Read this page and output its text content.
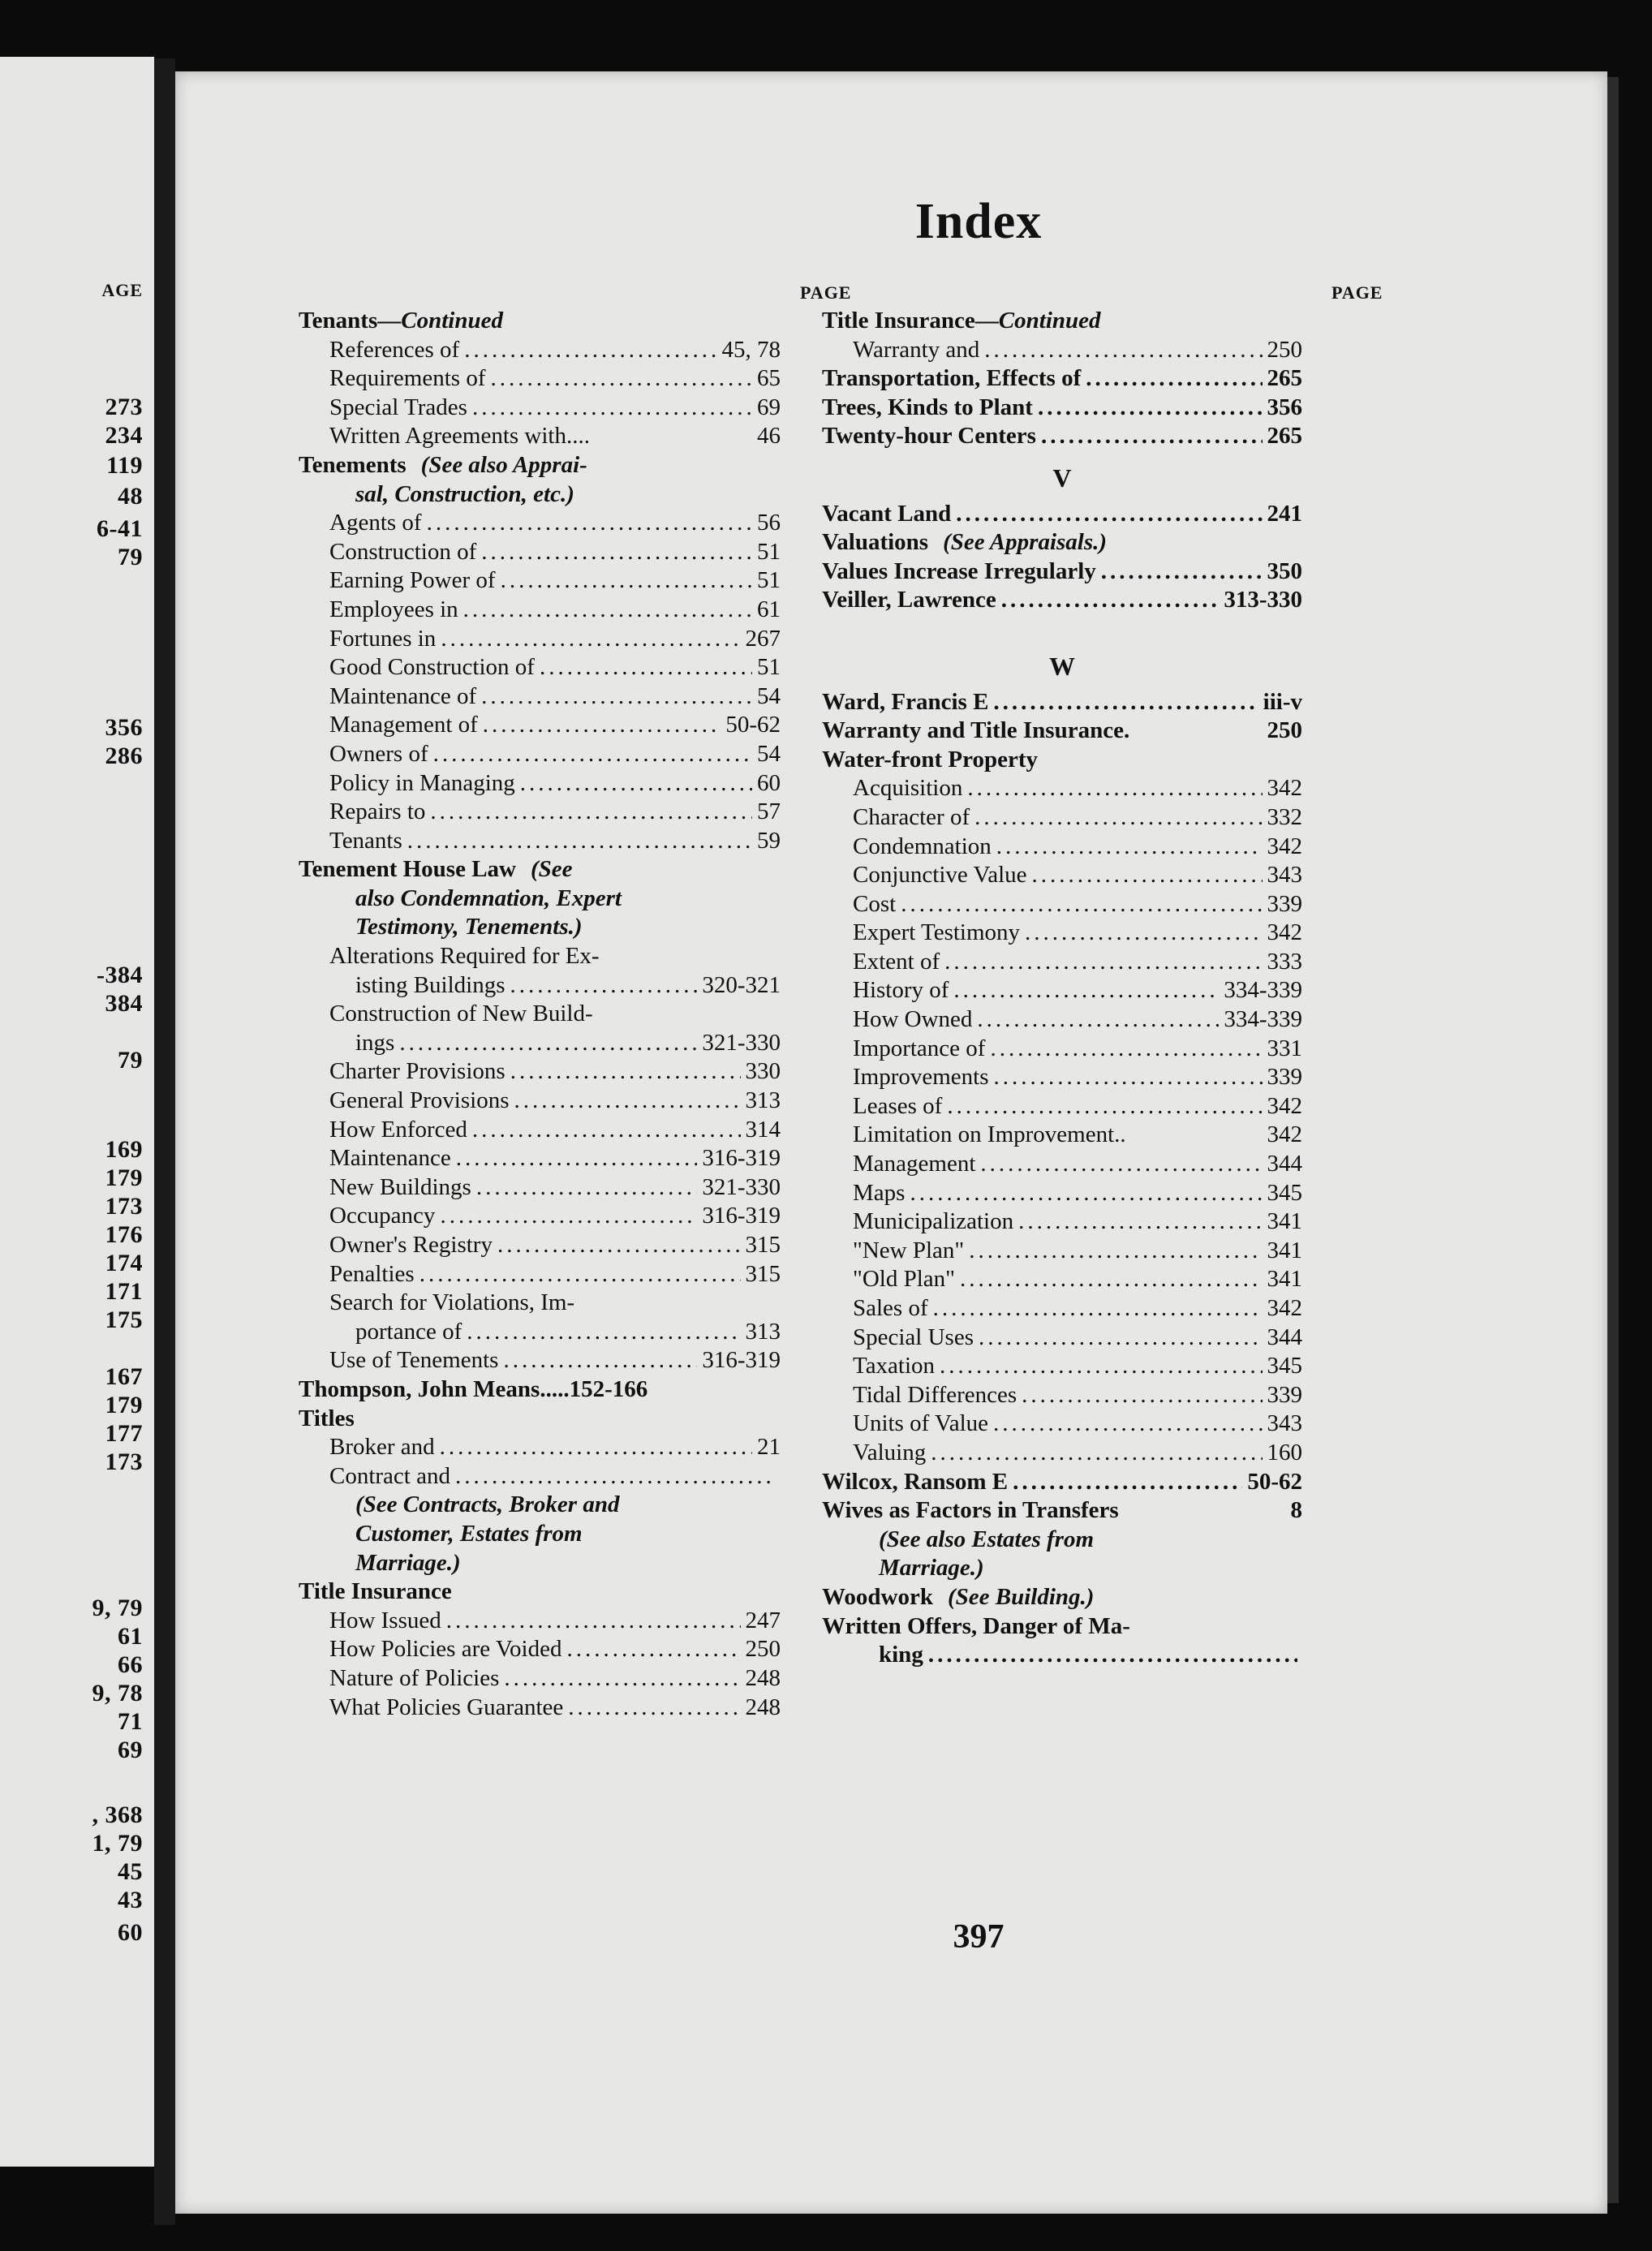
AGE
273
234
119
48
6-41
79
356
286
-384
384
79
169
179
173
176
174
171
175
167
179
177
173
9, 79
61
66
9, 78
71
69
, 368
1, 79
45
43
60
Index
PAGE	PAGE
Tenants— Continued
References of .....	45, 78
Requirements of .....	65
Special Trades .....	69
Written Agreements with....	46
Tenements (See also Apprai-
sal, Construction, etc.)
Agents of .....	56
Construction of .....	51
Earning Power of .....	51
Employees in .....	61
Fortunes in .....	267
Good Construction of .....	51
Maintenance of .....	54
Management of .....	50-62
Owners of .....	54
Policy in Managing .....	60
Repairs to .....	57
Tenants .....	59
Tenement House Law (See
also Condemnation, Expert
Testimony, Tenements.)
Alterations Required for Ex-
isting Buildings .....	320-321
Construction of New Build-
ings .....	321-330
Charter Provisions .....	330
General Provisions .....	313
How Enforced .....	314
Maintenance .....	316-319
New Buildings .....	321-330
Occupancy .....	316-319
Owner's Registry .....	315
Penalties .....	315
Search for Violations, Im-
portance of .....	313
Use of Tenements .....	316-319
Thompson, John Means.....152-166
Titles
Broker and .....	21
Contract and
.....
(See Contracts, Broker and
Customer, Estates from
Marriage.)
Title Insurance
How Issued .....	247
How Policies are Voided .....	250
Nature of Policies .....	248
What Policies Guarantee .....	248
Title Insurance— Continued
Warranty and .....	250
Transportation, Effects of .....	265
Trees, Kinds to Plant .....	356
Twenty-hour Centers .....	265
V
Vacant Land .....	241
Valuations (See Appraisals.)
Values Increase Irregularly .....	350
Veiller, Lawrence .....	313-330
W
Ward, Francis E .....	iii-v
Warranty and Title Insurance.	250
Water-front Property
Acquisition .....	342
Character of .....	332
Condemnation .....	342
Conjunctive Value .....	343
Cost .....	339
Expert Testimony .....	342
Extent of .....	333
History of .....	334-339
How Owned .....	334-339
Importance of .....	331
Improvements .....	339
Leases of .....	342
Limitation on Improvement..	342
Management .....	344
Maps .....	345
Municipalization .....	341
"New Plan" .....	341
"Old Plan" .....	341
Sales of .....	342
Special Uses .....	344
Taxation .....	345
Tidal Differences .....	339
Units of Value .....	343
Valuing .....	160
Wilcox, Ransom E .....	50-62
Wives as Factors in Transfers	8
(See also Estates from
Marriage.)
Woodwork (See Building.)
Written Offers, Danger of Ma-
king
.....
397
